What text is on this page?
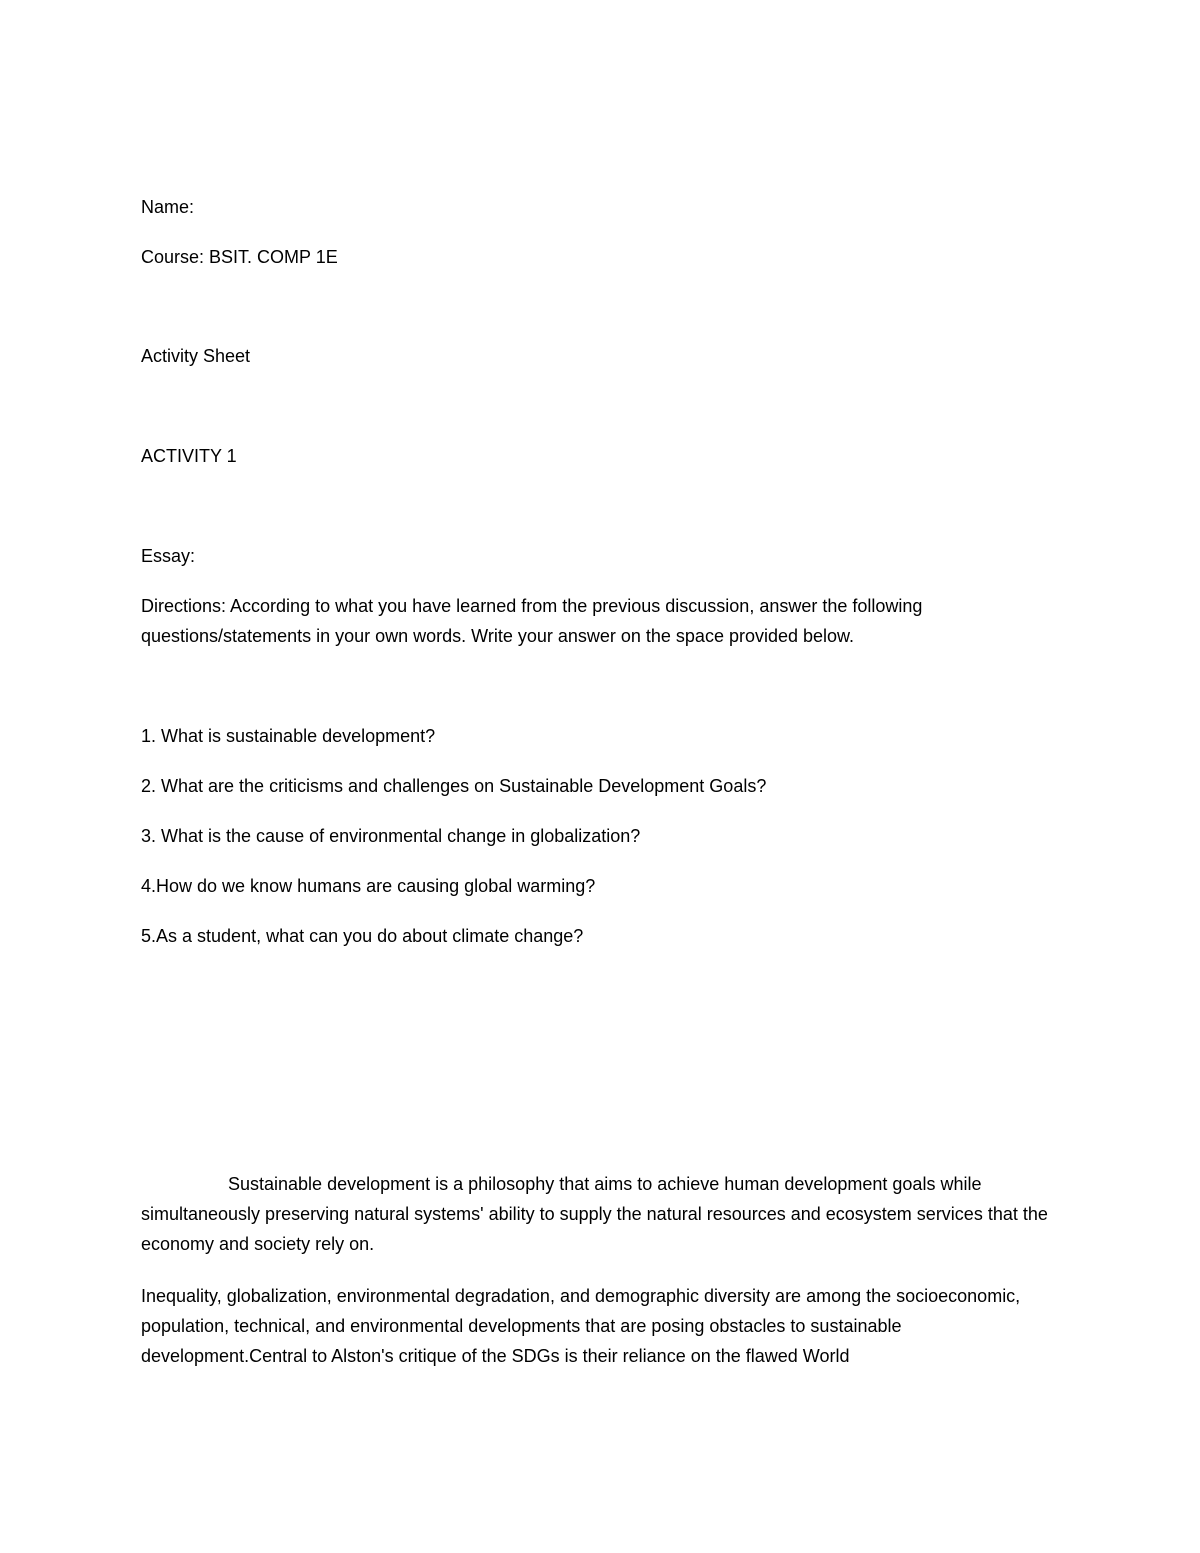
Name:

Course: BSIT. COMP 1E

Activity Sheet

ACTIVITY 1

Essay:

Directions: According to what you have learned from the previous discussion, answer the following questions/statements in your own words. Write your answer on the space provided below.

1. What is sustainable development?

2. What are the criticisms and challenges on Sustainable Development Goals?

3. What is the cause of environmental change in globalization?

4.How do we know humans are causing global warming?

5.As a student, what can you do about climate change?

Sustainable development is a philosophy that aims to achieve human development goals while simultaneously preserving natural systems' ability to supply the natural resources and ecosystem services that the economy and society rely on.

Inequality, globalization, environmental degradation, and demographic diversity are among the socioeconomic, population, technical, and environmental developments that are posing obstacles to sustainable development.Central to Alston's critique of the SDGs is their reliance on the flawed World
